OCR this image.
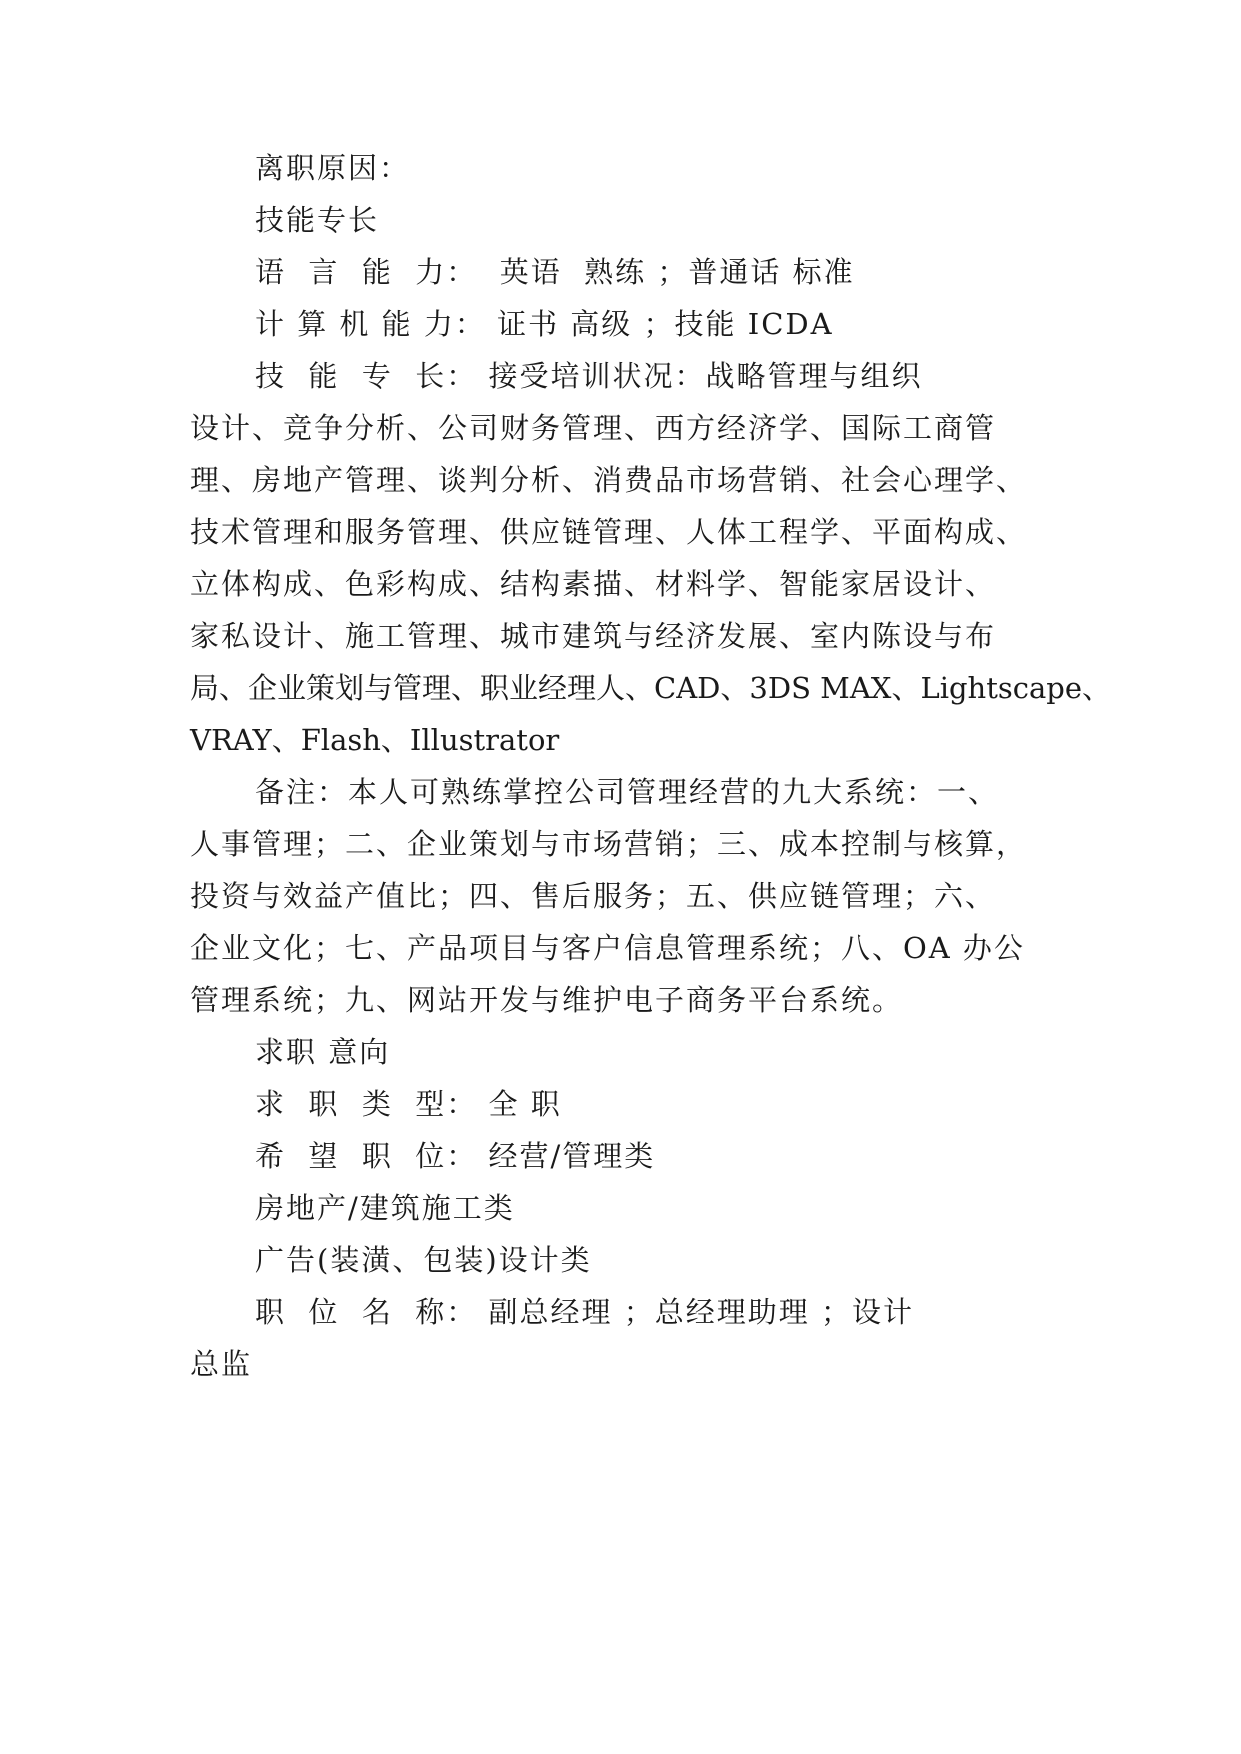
离职原因：
技能专长
语  言  能  力：  英语  熟练 ；普通话 标准
计 算 机 能 力： 证书 高级 ；技能 ICDA
技  能  专  长： 接受培训状况：战略管理与组织
设计、竞争分析、公司财务管理、西方经济学、国际工商管
理、房地产管理、谈判分析、消费品市场营销、社会心理学、
技术管理和服务管理、供应链管理、人体工程学、平面构成、
立体构成、色彩构成、结构素描、材料学、智能家居设计、
家私设计、施工管理、城市建筑与经济发展、室内陈设与布
局、企业策划与管理、职业经理人、CAD、3DS MAX、Lightscape、
VRAY、Flash、Illustrator
备注：本人可熟练掌控公司管理经营的九大系统：一、
人事管理；二、企业策划与市场营销；三、成本控制与核算，
投资与效益产值比；四、售后服务；五、供应链管理；六、
企业文化；七、产品项目与客户信息管理系统；八、OA 办公
管理系统；九、网站开发与维护电子商务平台系统。
求职 意向
求  职  类  型： 全 职
希  望  职  位： 经营/管理类
房地产/建筑施工类
广告(装潢、包装)设计类
职  位  名  称： 副总经理 ；总经理助理 ；设计
总监
